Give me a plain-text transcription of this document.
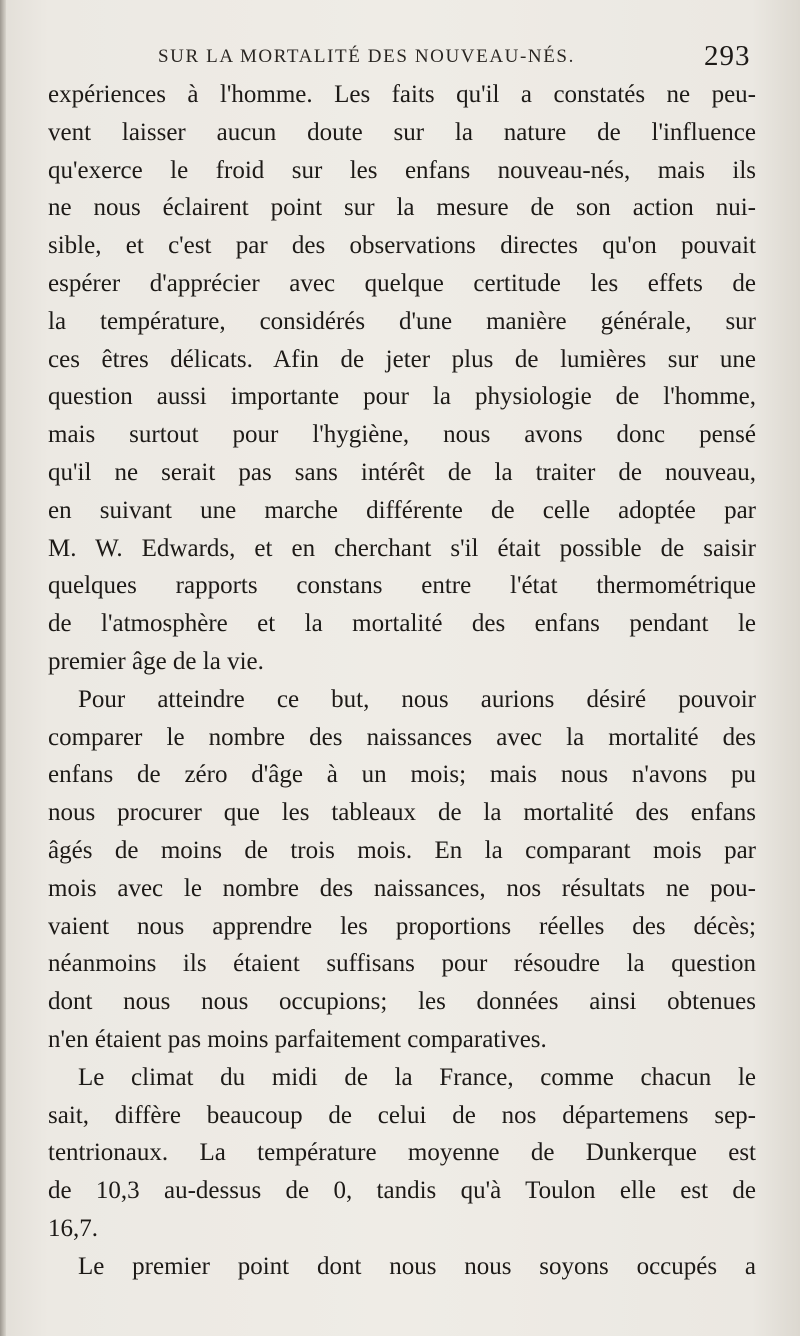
SUR LA MORTALITÉ DES NOUVEAU-NÉS.	293
expériences à l'homme. Les faits qu'il a constatés ne peu-
vent laisser aucun doute sur la nature de l'influence
qu'exerce le froid sur les enfans nouveau-nés, mais ils
ne nous éclairent point sur la mesure de son action nui-
sible, et c'est par des observations directes qu'on pouvait
espérer d'apprécier avec quelque certitude les effets de
la température, considérés d'une manière générale, sur
ces êtres délicats. Afin de jeter plus de lumières sur une
question aussi importante pour la physiologie de l'homme,
mais surtout pour l'hygiène, nous avons donc pensé
qu'il ne serait pas sans intérêt de la traiter de nouveau,
en suivant une marche différente de celle adoptée par
M. W. Edwards, et en cherchant s'il était possible de saisir
quelques rapports constans entre l'état thermométrique
de l'atmosphère et la mortalité des enfans pendant le
premier âge de la vie.
Pour atteindre ce but, nous aurions désiré pouvoir
comparer le nombre des naissances avec la mortalité des
enfans de zéro d'âge à un mois; mais nous n'avons pu
nous procurer que les tableaux de la mortalité des enfans
âgés de moins de trois mois. En la comparant mois par
mois avec le nombre des naissances, nos résultats ne pou-
vaient nous apprendre les proportions réelles des décès;
néanmoins ils étaient suffisans pour résoudre la question
dont nous nous occupions; les données ainsi obtenues
n'en étaient pas moins parfaitement comparatives.
Le climat du midi de la France, comme chacun le
sait, diffère beaucoup de celui de nos départemens sep-
tentrionaux. La température moyenne de Dunkerque est
de 10,3 au-dessus de 0, tandis qu'à Toulon elle est de
16,7.
Le premier point dont nous nous soyons occupés a
